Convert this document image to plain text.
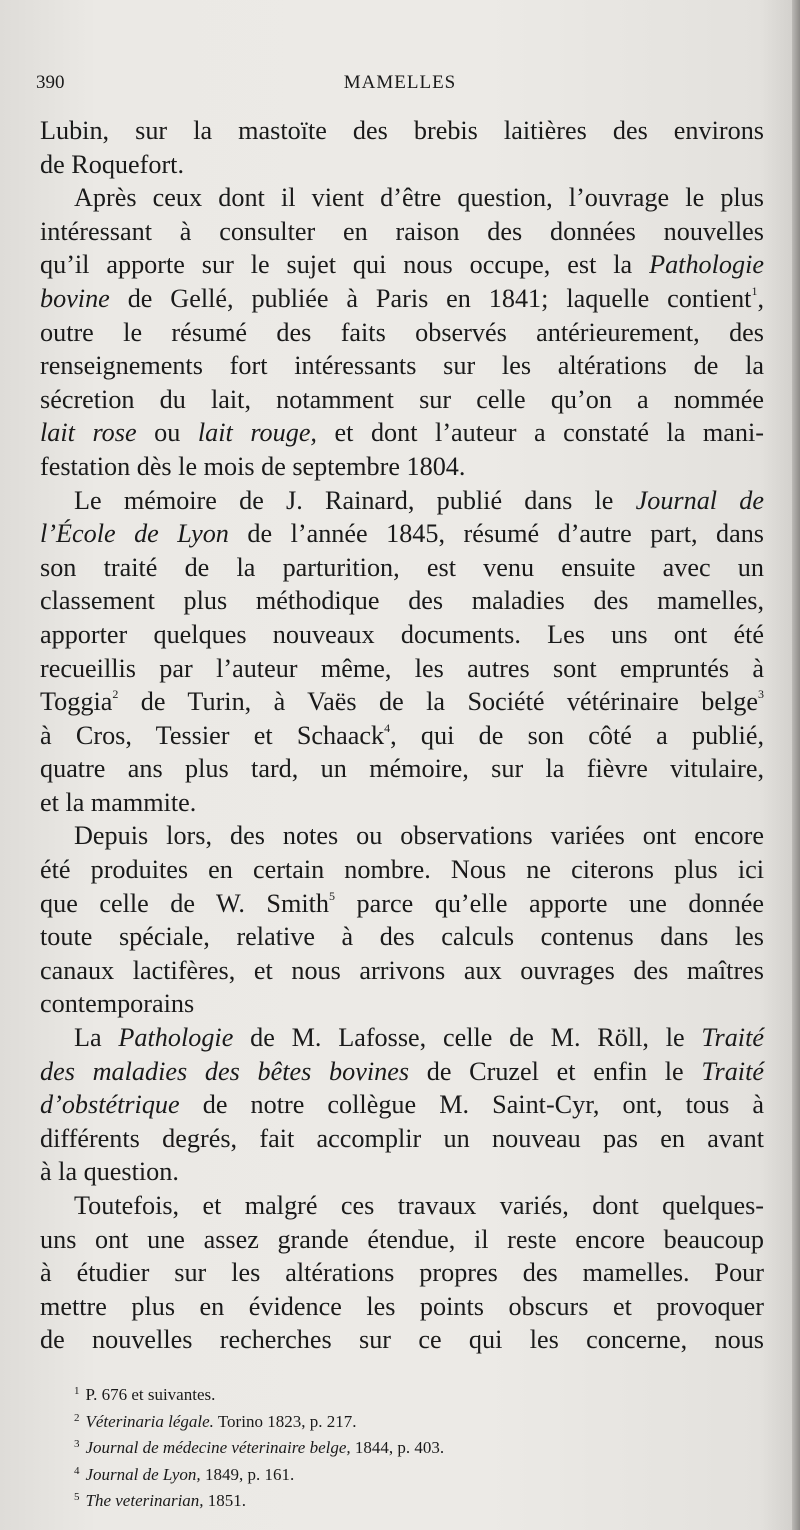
390	MAMELLES
Lubin, sur la mastoïte des brebis laitières des environs
de Roquefort.
Après ceux dont il vient d’être question, l’ouvrage le plus
intéressant à consulter en raison des données nouvelles
qu’il apporte sur le sujet qui nous occupe, est la Pathologie
bovine de Gellé, publiée à Paris en 1841; laquelle contient$^1$,
outre le résumé des faits observés antérieurement, des
renseignements fort intéressants sur les altérations de la
sécretion du lait, notamment sur celle qu’on a nommée
lait rose ou lait rouge, et dont l’auteur a constaté la mani-
festation dès le mois de septembre 1804.
Le mémoire de J. Rainard, publié dans le Journal de
l’École de Lyon de l’année 1845, résumé d’autre part, dans
son traité de la parturition, est venu ensuite avec un
classement plus méthodique des maladies des mamelles,
apporter quelques nouveaux documents. Les uns ont été
recueillis par l’auteur même, les autres sont empruntés à
Toggia$^2$ de Turin, à Vaës de la Société vétérinaire belge$^3$
à Cros, Tessier et Schaack$^4$, qui de son côté a publié,
quatre ans plus tard, un mémoire, sur la fièvre vitulaire,
et la mammite.
Depuis lors, des notes ou observations variées ont encore
été produites en certain nombre. Nous ne citerons plus ici
que celle de W. Smith$^5$ parce qu’elle apporte une donnée
toute spéciale, relative à des calculs contenus dans les
canaux lactifères, et nous arrivons aux ouvrages des maîtres
contemporains
La Pathologie de M. Lafosse, celle de M. Röll, le Traité
des maladies des bêtes bovines de Cruzel et enfin le Traité
d’obstétrique de notre collègue M. Saint-Cyr, ont, tous à
différents degrés, fait accomplir un nouveau pas en avant
à la question.
Toutefois, et malgré ces travaux variés, dont quelques-
uns ont une assez grande étendue, il reste encore beaucoup
à étudier sur les altérations propres des mamelles. Pour
mettre plus en évidence les points obscurs et provoquer
de nouvelles recherches sur ce qui les concerne, nous
$^1$ P. 676 et suivantes.
$^2$ Véterinaria légale. Torino 1823, p. 217.
$^3$ Journal de médecine véterinaire belge, 1844, p. 403.
$^4$ Journal de Lyon, 1849, p. 161.
$^5$ The veterinarian, 1851.
